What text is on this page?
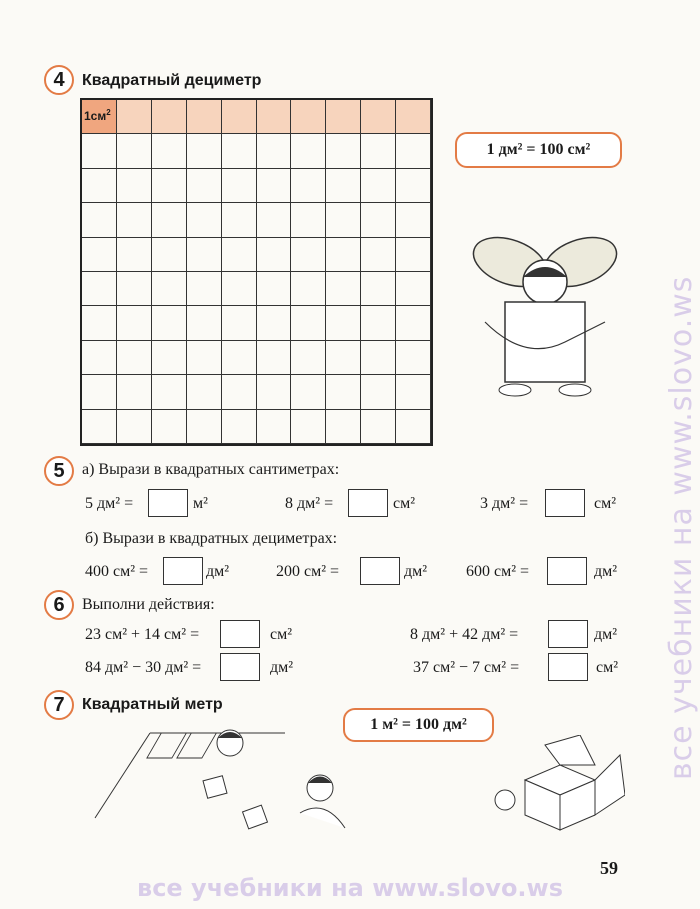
4	Квадратный дециметр
$1см^2$
1 дм² = 100 см²
5	а) Вырази в квадратных сантиметрах:
5 дм² =	м²	8 дм² =	см²	3 дм² =	см²
б) Вырази в квадратных дециметрах:
400 см² =	дм²	200 см² =	дм² 600 см² =	дм²
6	Выполни действия:
23 см² + 14 см² =	см²	8 дм² + 42 дм² =	дм²
84 дм² − 30 дм² =	дм²	37 см² − 7 см² =	см²
7	Квадратный метр
1 м² = 100 дм²
59
все учебники на www.slovo.ws
все учебники на www.slovo.ws
